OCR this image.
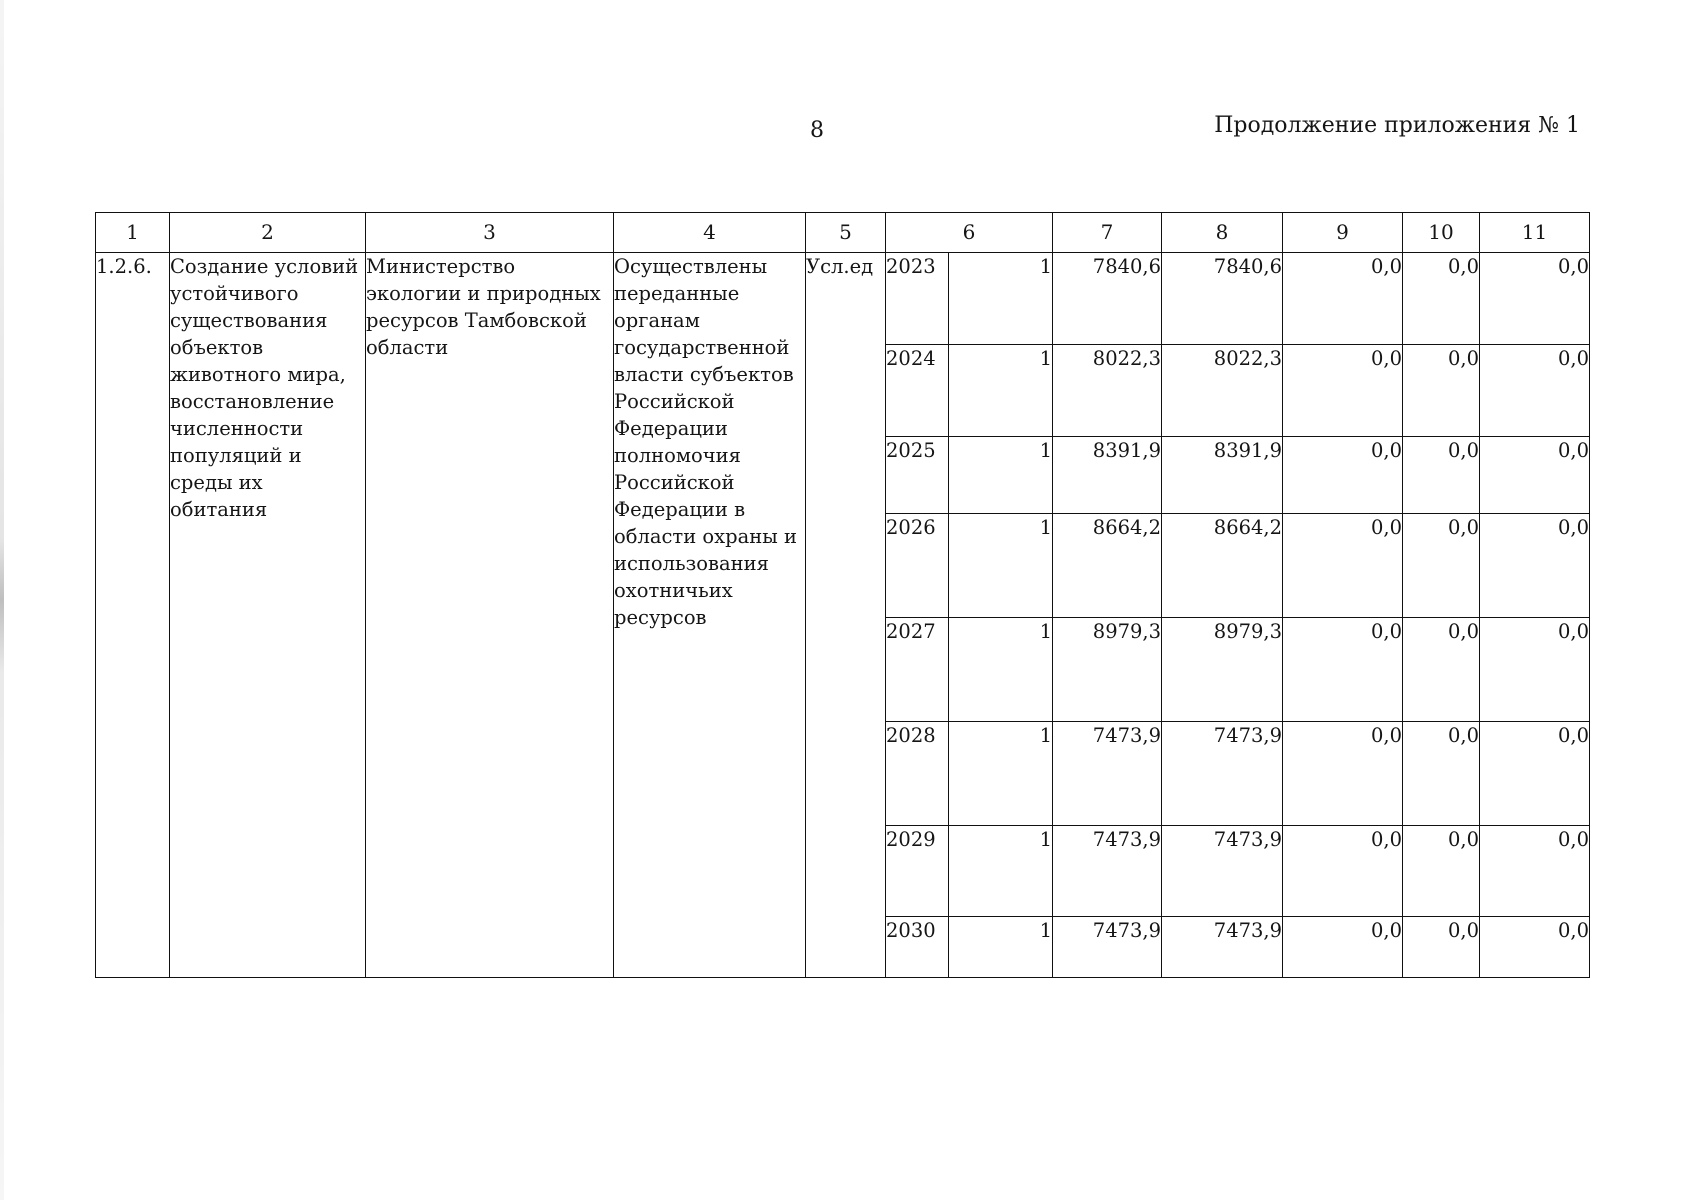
8	Продолжение приложения № 1
1	2	3	4	5	6		7	8	9	10	11
1.2.6.	Создание условий устойчивого существования объектов животного мира, восстановление численности популяций и среды их обитания	Министерство экологии и природных ресурсов Тамбовской области	Осуществлены переданные органам государственной власти субъектов Российской Федерации полномочия Российской Федерации в области охраны и использования охотничьих ресурсов	Усл.ед	2023	1	7840,6	7840,6	0,0	0,0	0,0
					2024	1	8022,3	8022,3	0,0	0,0	0,0
					2025	1	8391,9	8391,9	0,0	0,0	0,0
					2026	1	8664,2	8664,2	0,0	0,0	0,0
					2027	1	8979,3	8979,3	0,0	0,0	0,0
					2028	1	7473,9	7473,9	0,0	0,0	0,0
					2029	1	7473,9	7473,9	0,0	0,0	0,0
					2030	1	7473,9	7473,9	0,0	0,0	0,0
